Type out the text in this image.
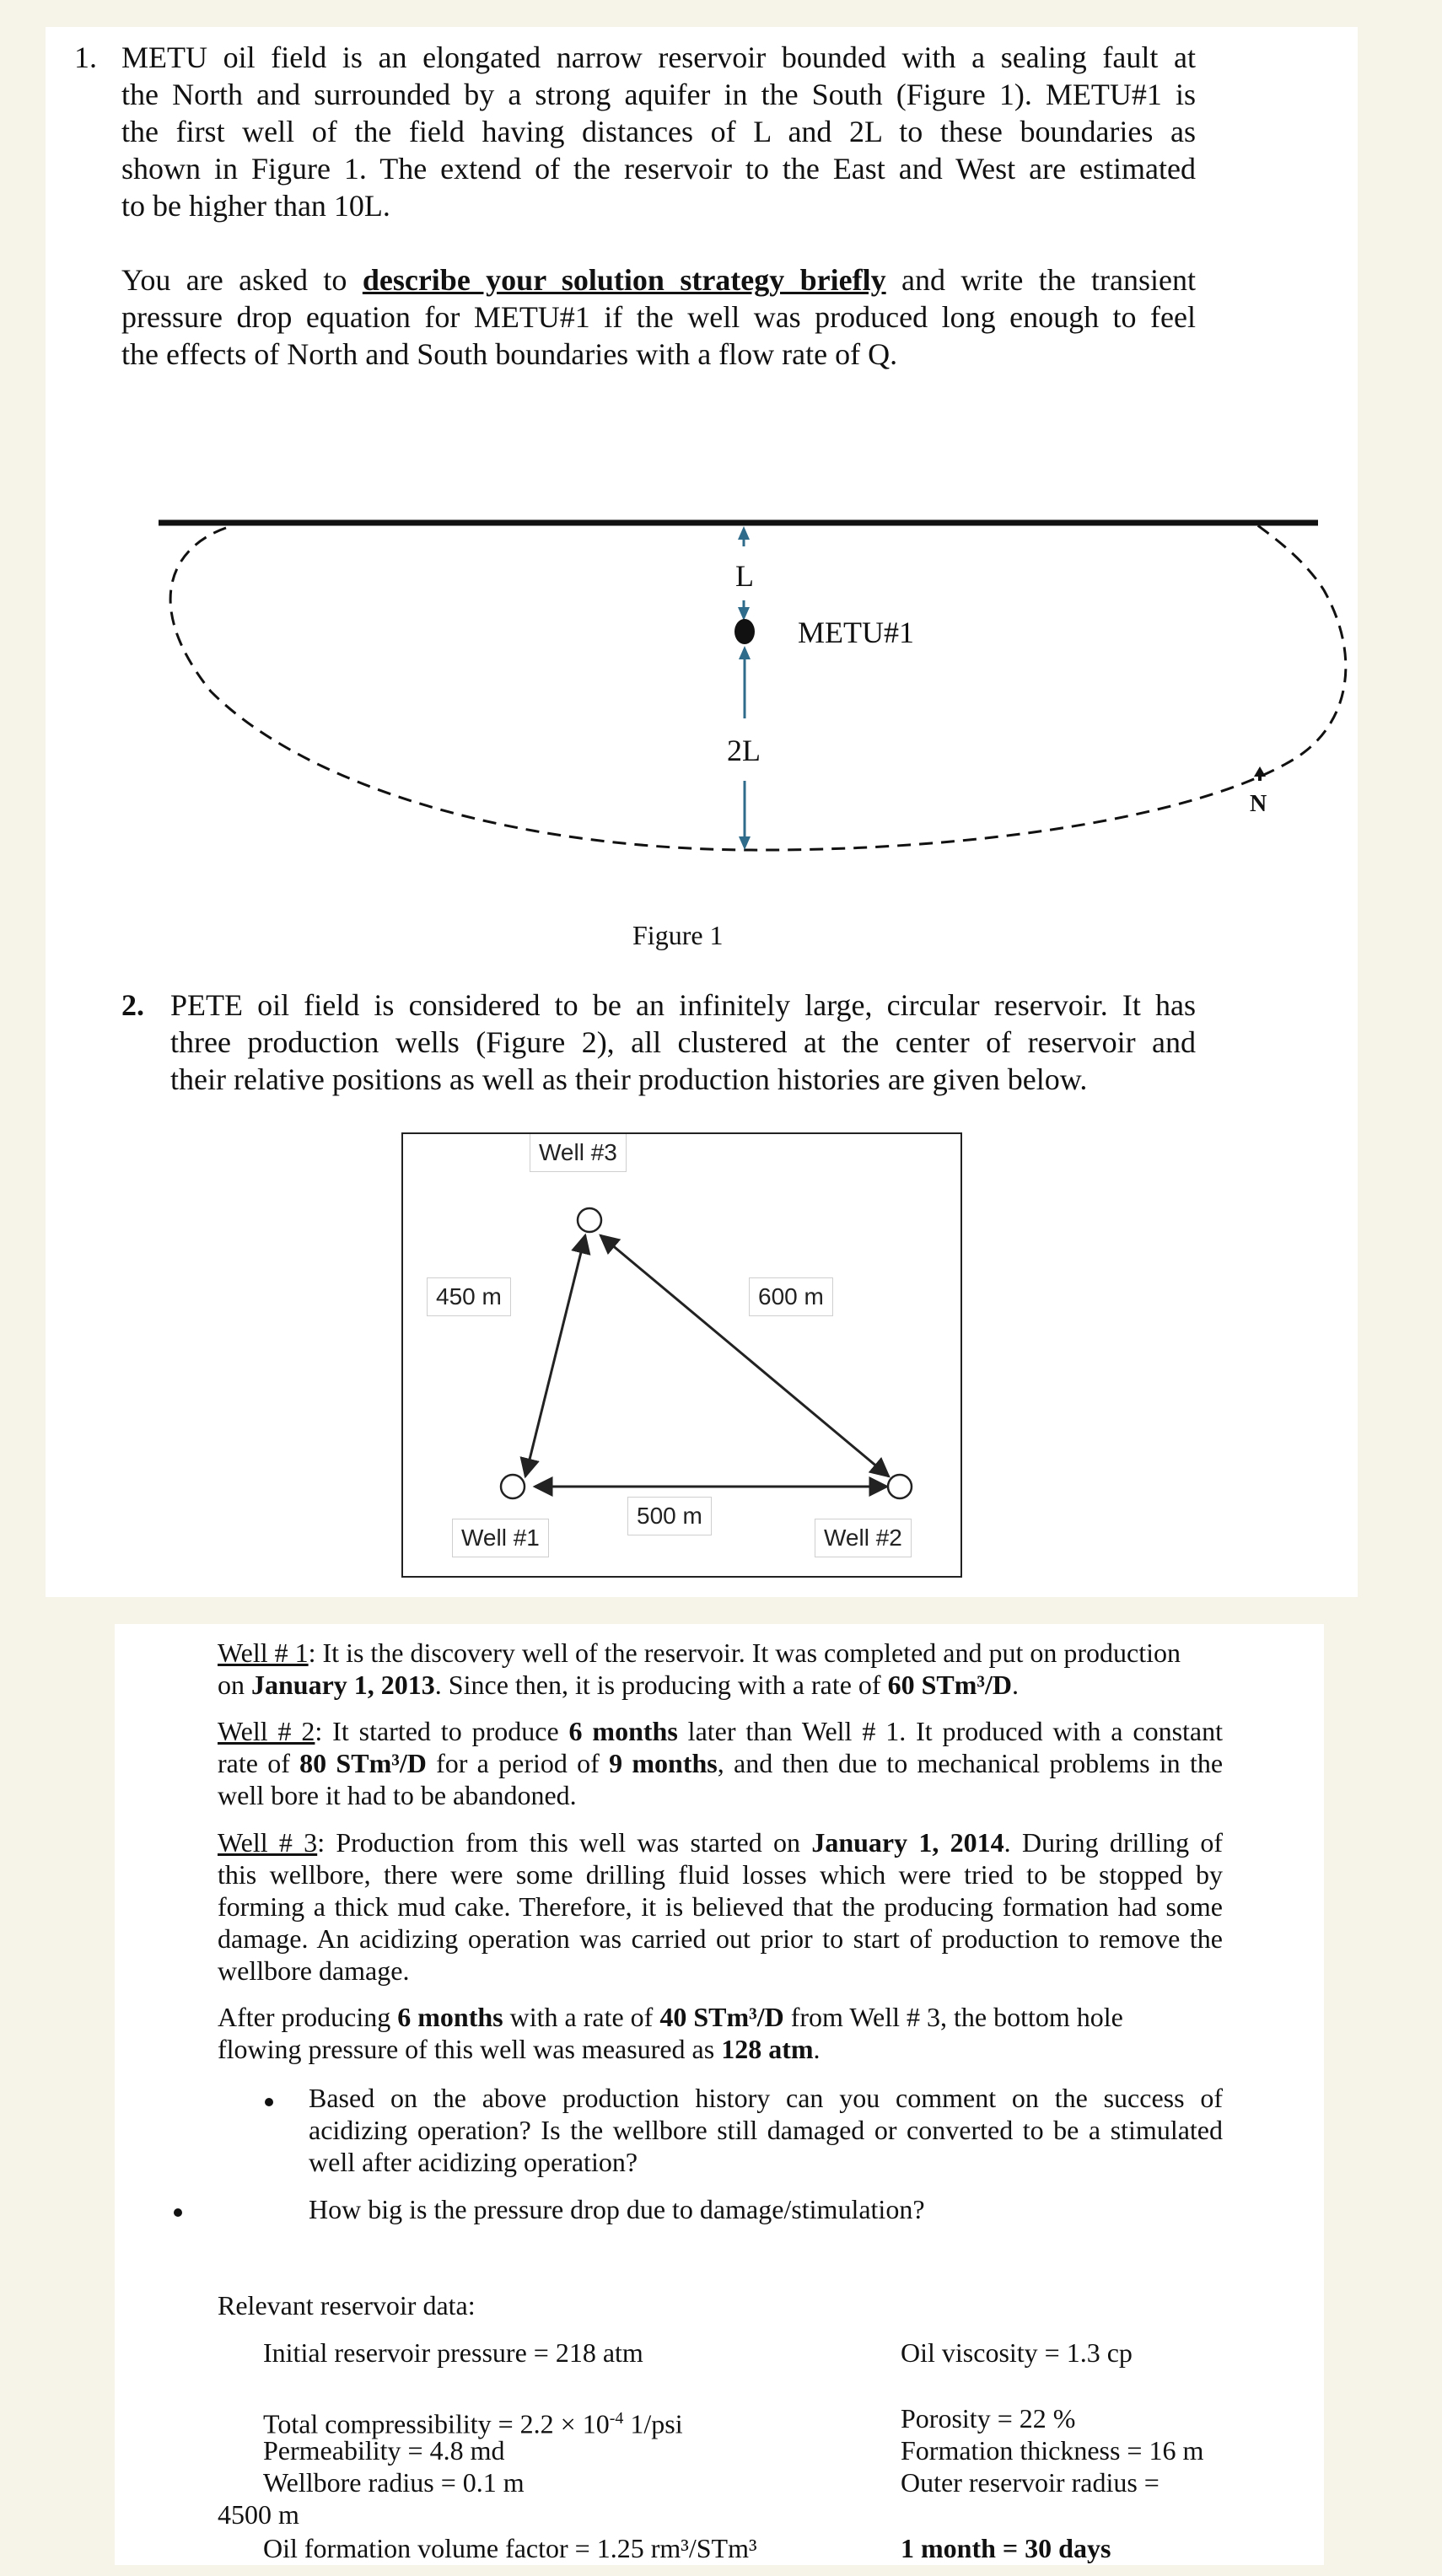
1. METU oil field is an elongated narrow reservoir bounded with a sealing fault at
the North and surrounded by a strong aquifer in the South (Figure 1). METU#1 is
the first well of the field having distances of L and 2L to these boundaries as
shown in Figure 1. The extend of the reservoir to the East and West are estimated
to be higher than 10L.
You are asked to describe your solution strategy briefly and write the transient
pressure drop equation for METU#1 if the well was produced long enough to feel
the effects of North and South boundaries with a flow rate of Q.
L
2L
METU#1
N
Figure 1
2. PETE oil field is considered to be an infinitely large, circular reservoir. It has
three production wells (Figure 2), all clustered at the center of reservoir and
their relative positions as well as their production histories are given below.
Well #3
450 m	600 m
500 m
Well #1	Well #2
Well # 1: It is the discovery well of the reservoir. It was completed and put on production
on January 1, 2013. Since then, it is producing with a rate of 60 STm³/D.
Well # 2: It started to produce 6 months later than Well # 1. It produced with a constant
rate of 80 STm³/D for a period of 9 months, and then due to mechanical problems in the
well bore it had to be abandoned.
Well # 3: Production from this well was started on January 1, 2014. During drilling of
this wellbore, there were some drilling fluid losses which were tried to be stopped by
forming a thick mud cake. Therefore, it is believed that the producing formation had some
damage. An acidizing operation was carried out prior to start of production to remove the
wellbore damage.
After producing 6 months with a rate of 40 STm³/D from Well # 3, the bottom hole
flowing pressure of this well was measured as 128 atm.
Based on the above production history can you comment on the success of
acidizing operation? Is the wellbore still damaged or converted to be a stimulated
well after acidizing operation?
How big is the pressure drop due to damage/stimulation?
Relevant reservoir data:
Initial reservoir pressure = 218 atm	Oil viscosity = 1.3 cp
Total compressibility = $2.2 \times 10^{-4}$ 1/psi	Porosity = 22 %
Permeability = 4.8 md	Formation thickness = 16 m
Wellbore radius = 0.1 m	Outer reservoir radius =
4500 m
Oil formation volume factor = 1.25 rm³/STm³	1 month = 30 days
